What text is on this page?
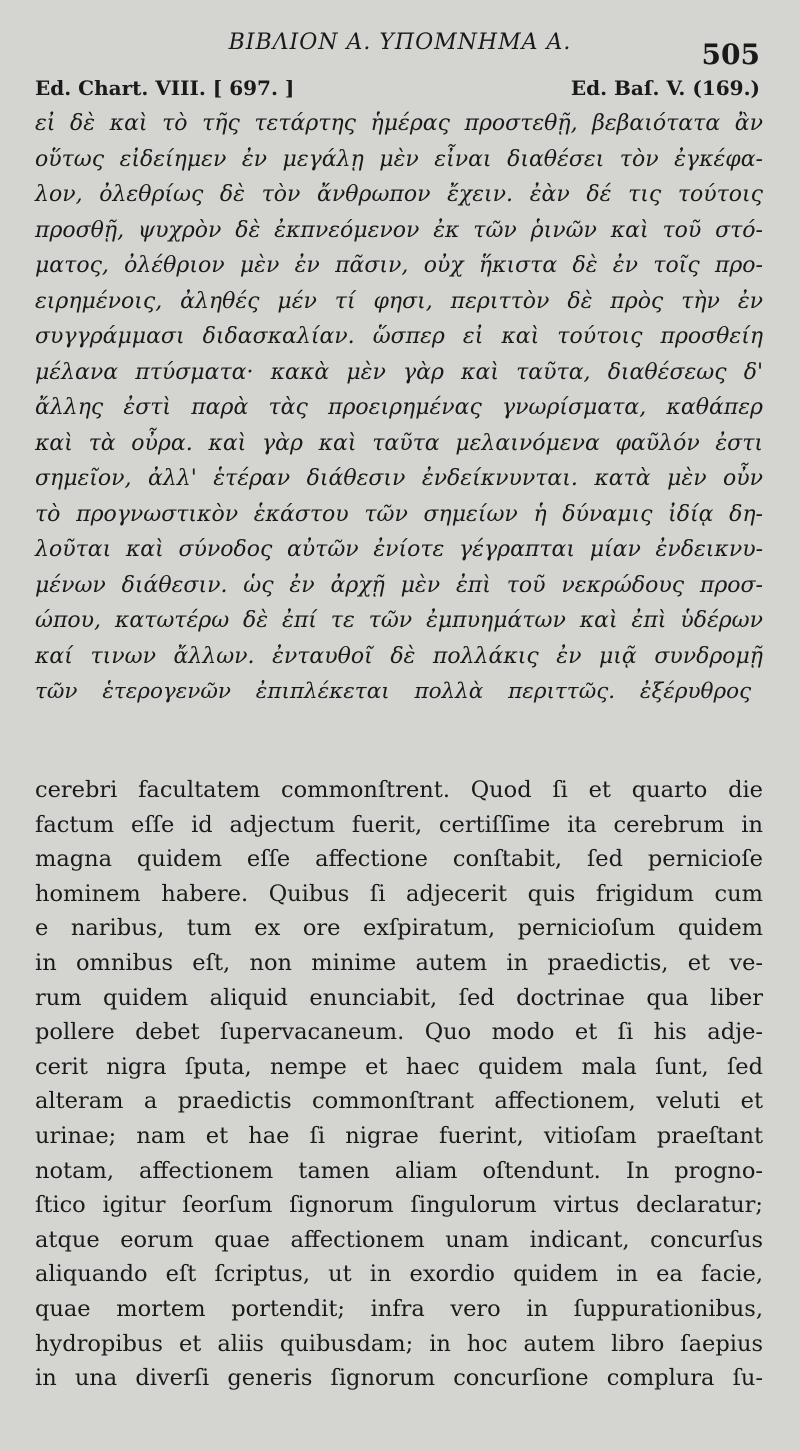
ΒΙΒΛΙΟΝ Α. ΥΠΟΜΝΗΜΑ Α.	505
Ed. Chart. VIII. [ 697. ]	Ed. Baſ. V. (169.)
εἰ δὲ καὶ τὸ τῆς τετάρτης ἡμέρας προστεθῇ, βεβαιότατα ἂν
οὕτως εἰδείημεν ἐν μεγάλῃ μὲν εἶναι διαθέσει τὸν ἐγκέφα-
λον, ὀλεθρίως δὲ τὸν ἄνθρωπον ἔχειν. ἐὰν δέ τις τούτοις
προσθῇ, ψυχρὸν δὲ ἐκπνεόμενον ἐκ τῶν ῥινῶν καὶ τοῦ στό-
ματος, ὀλέθριον μὲν ἐν πᾶσιν, οὐχ ἥκιστα δὲ ἐν τοῖς προ-
ειρημένοις, ἀληθές μέν τί φησι, περιττὸν δὲ πρὸς τὴν ἐν
συγγράμμασι διδασκαλίαν. ὥσπερ εἰ καὶ τούτοις προσθείη
μέλανα πτύσματα· κακὰ μὲν γὰρ καὶ ταῦτα, διαθέσεως δ'
ἄλλης ἐστὶ παρὰ τὰς προειρημένας γνωρίσματα, καθάπερ
καὶ τὰ οὖρα. καὶ γὰρ καὶ ταῦτα μελαινόμενα φαῦλόν ἐστι
σημεῖον, ἀλλ' ἑτέραν διάθεσιν ἐνδείκνυνται. κατὰ μὲν οὖν
τὸ προγνωστικὸν ἑκάστου τῶν σημείων ἡ δύναμις ἰδίᾳ δη-
λοῦται καὶ σύνοδος αὐτῶν ἐνίοτε γέγραπται μίαν ἐνδεικνυ-
μένων διάθεσιν. ὡς ἐν ἀρχῇ μὲν ἐπὶ τοῦ νεκρώδους προσ-
ώπου, κατωτέρω δὲ ἐπί τε τῶν ἐμπυημάτων καὶ ἐπὶ ὑδέρων
καί τινων ἄλλων. ἐνταυθοῖ δὲ πολλάκις ἐν μιᾷ συνδρομῇ
τῶν ἑτερογενῶν ἐπιπλέκεται πολλὰ περιττῶς. ἐξέρυθρος
cerebri facultatem commonſtrent. Quod ſi et quarto die
factum eſſe id adjectum fuerit, certiſſime ita cerebrum in
magna quidem eſſe affectione conſtabit, ſed pernicioſe
hominem habere. Quibus ſi adjecerit quis frigidum cum
e naribus, tum ex ore exſpiratum, pernicioſum quidem
in omnibus eſt, non minime autem in praedictis, et ve-
rum quidem aliquid enunciabit, ſed doctrinae qua liber
pollere debet ſupervacaneum. Quo modo et ſi his adje-
cerit nigra ſputa, nempe et haec quidem mala ſunt, ſed
alteram a praedictis commonſtrant affectionem, veluti et
urinae; nam et hae ſi nigrae fuerint, vitioſam praeſtant
notam, affectionem tamen aliam oſtendunt. In progno-
ſtico igitur ſeorſum ſignorum ſingulorum virtus declaratur;
atque eorum quae affectionem unam indicant, concurſus
aliquando eſt ſcriptus, ut in exordio quidem in ea facie,
quae mortem portendit; infra vero in ſuppurationibus,
hydropibus et aliis quibusdam; in hoc autem libro ſaepius
in una diverſi generis ſignorum concurſione complura ſu-
